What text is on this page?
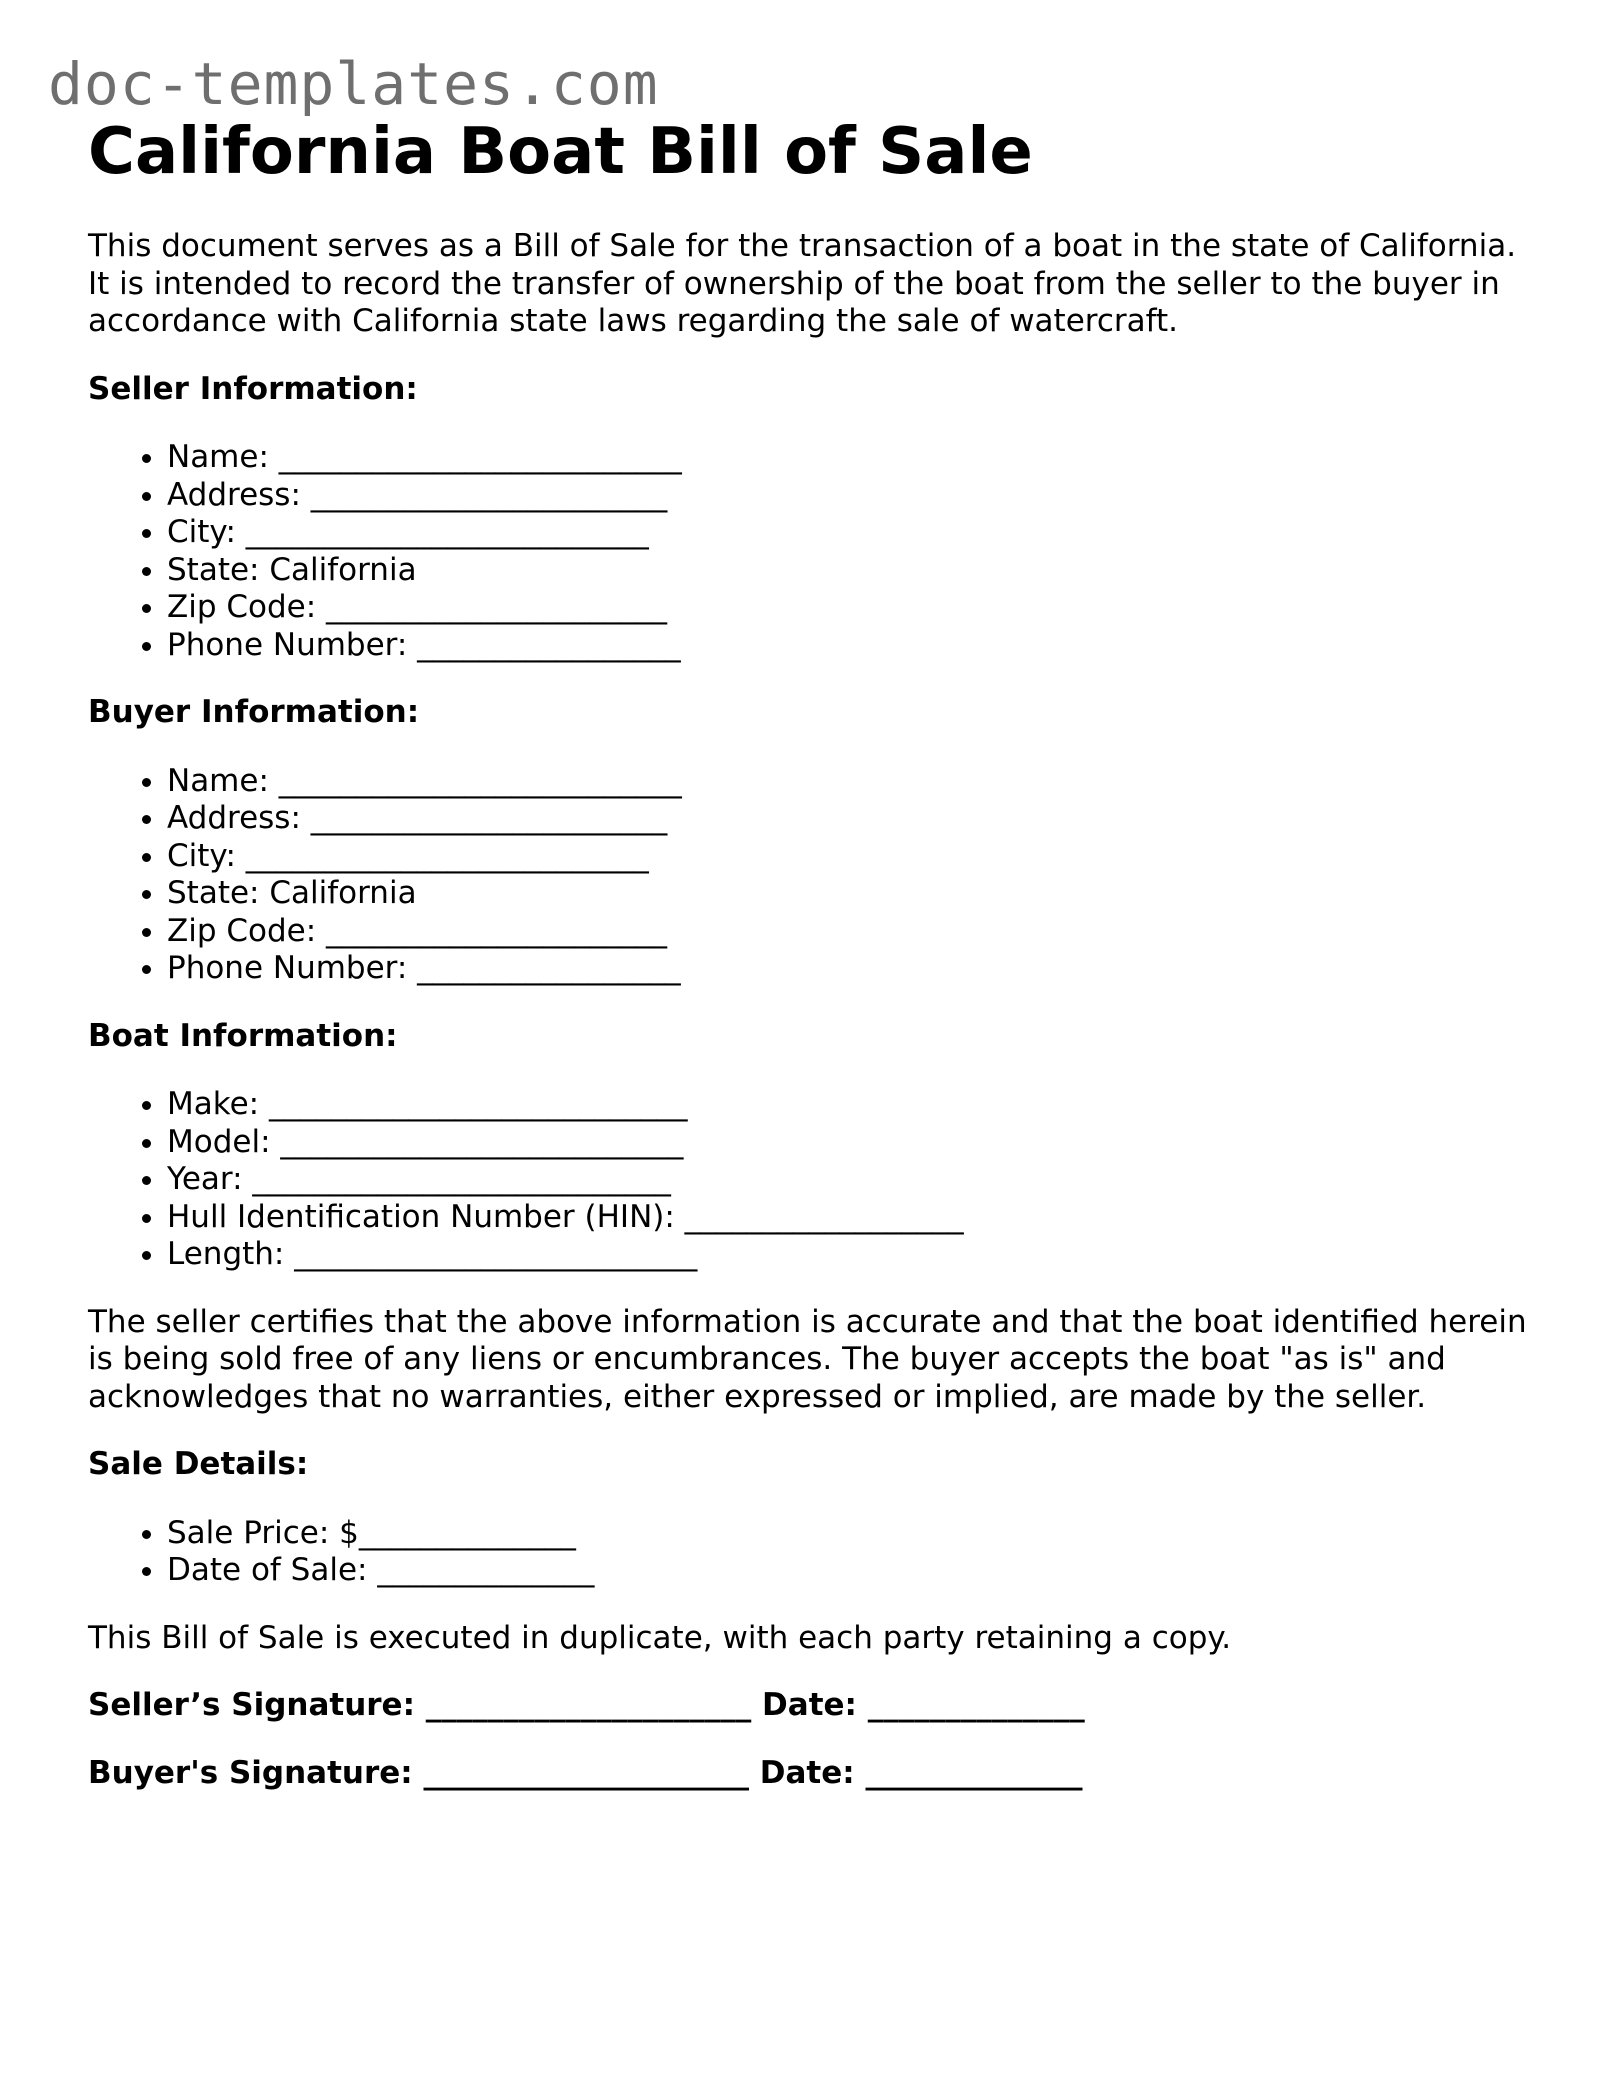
doc-templates.com
California Boat Bill of Sale

This document serves as a Bill of Sale for the transaction of a boat in the state of California. It is intended to record the transfer of ownership of the boat from the seller to the buyer in accordance with California state laws regarding the sale of watercraft.

Seller Information:
• Name: __________________________
• Address: _______________________
• City: __________________________
• State: California
• Zip Code: ______________________
• Phone Number: _________________
Buyer Information:
• Name: __________________________
• Address: _______________________
• City: __________________________
• State: California
• Zip Code: ______________________
• Phone Number: _________________
Boat Information:
• Make: ___________________________
• Model: __________________________
• Year: ___________________________
• Hull Identification Number (HIN): __________________
• Length: __________________________

The seller certifies that the above information is accurate and that the boat identified herein is being sold free of any liens or encumbrances. The buyer accepts the boat "as is" and acknowledges that no warranties, either expressed or implied, are made by the seller.

Sale Details:
• Sale Price: $______________
• Date of Sale: ______________

This Bill of Sale is executed in duplicate, with each party retaining a copy.

Seller’s Signature: _____________________ Date: ______________
Buyer's Signature: _____________________ Date: ______________
